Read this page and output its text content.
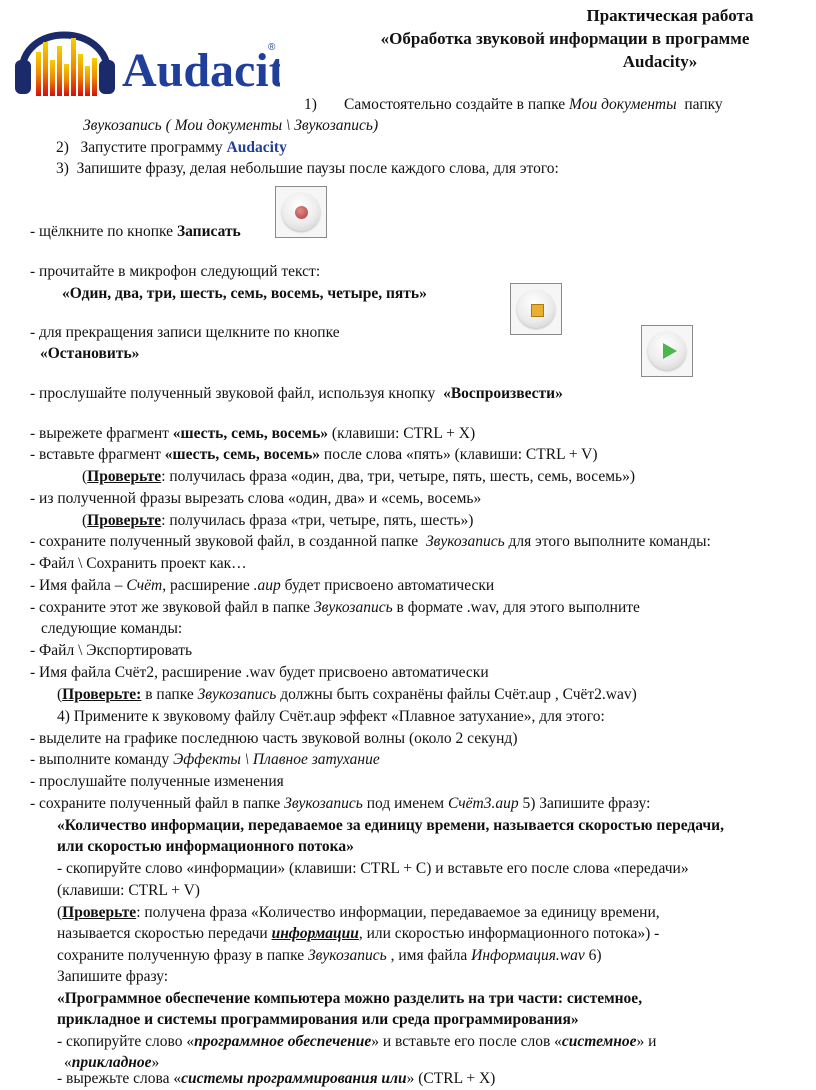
Audacit
®
Практическая работа
«Обработка звуковой информации в программе
Audacity»
1) Самостоятельно создайте в папке Мои документы папку
Звукозапись ( Мои документы \ Звукозапись)
2) Запустите программу Audacity
3) Запишите фразу, делая небольшие паузы после каждого слова, для этого:
- щёлкните по кнопке Записать
- прочитайте в микрофон следующий текст:
«Один, два, три, шесть, семь, восемь, четыре, пять»
- для прекращения записи щелкните по кнопке
«Остановить»
- прослушайте полученный звуковой файл, используя кнопку «Воспроизвести»
- вырежете фрагмент «шесть, семь, восемь» (клавиши: CTRL + X)
- вставьте фрагмент «шесть, семь, восемь» после слова «пять» (клавиши: CTRL + V)
(Проверьте: получилась фраза «один, два, три, четыре, пять, шесть, семь, восемь»)
- из полученной фразы вырезать слова «один, два» и «семь, восемь»
(Проверьте: получилась фраза «три, четыре, пять, шесть»)
- сохраните полученный звуковой файл, в созданной папке Звукозапись для этого выполните команды:
- Файл \ Сохранить проект как…
- Имя файла – Счёт, расширение .aup будет присвоено автоматически
- сохраните этот же звуковой файл в папке Звукозапись в формате .wav, для этого выполните
следующие команды:
- Файл \ Экспортировать
- Имя файла Счёт2, расширение .wav будет присвоено автоматически
(Проверьте: в папке Звукозапись должны быть сохранёны файлы Счёт.aup , Счёт2.wav)
4) Примените к звуковому файлу Счёт.aup эффект «Плавное затухание», для этого:
- выделите на графике последнюю часть звуковой волны (около 2 секунд)
- выполните команду Эффекты \ Плавное затухание
- прослушайте полученные изменения
- сохраните полученный файл в папке Звукозапись под именем Счёт3.aup 5) Запишите фразу:
«Количество информации, передаваемое за единицу времени, называется скоростью передачи,
или скоростью информационного потока»
- скопируйте слово «информации» (клавиши: CTRL + C) и вставьте его после слова «передачи»
(клавиши: CTRL + V)
(Проверьте: получена фраза «Количество информации, передаваемое за единицу времени,
называется скоростью передачи информации, или скоростью информационного потока») -
сохраните полученную фразу в папке Звукозапись , имя файла Информация.wav 6)
Запишите фразу:
«Программное обеспечение компьютера можно разделить на три части: системное,
прикладное и системы программирования или среда программирования»
- скопируйте слово «программное обеспечение» и вставьте его после слов «системное» и
«прикладное»
- вырежьте слова «системы программирования или» (CTRL + X)
